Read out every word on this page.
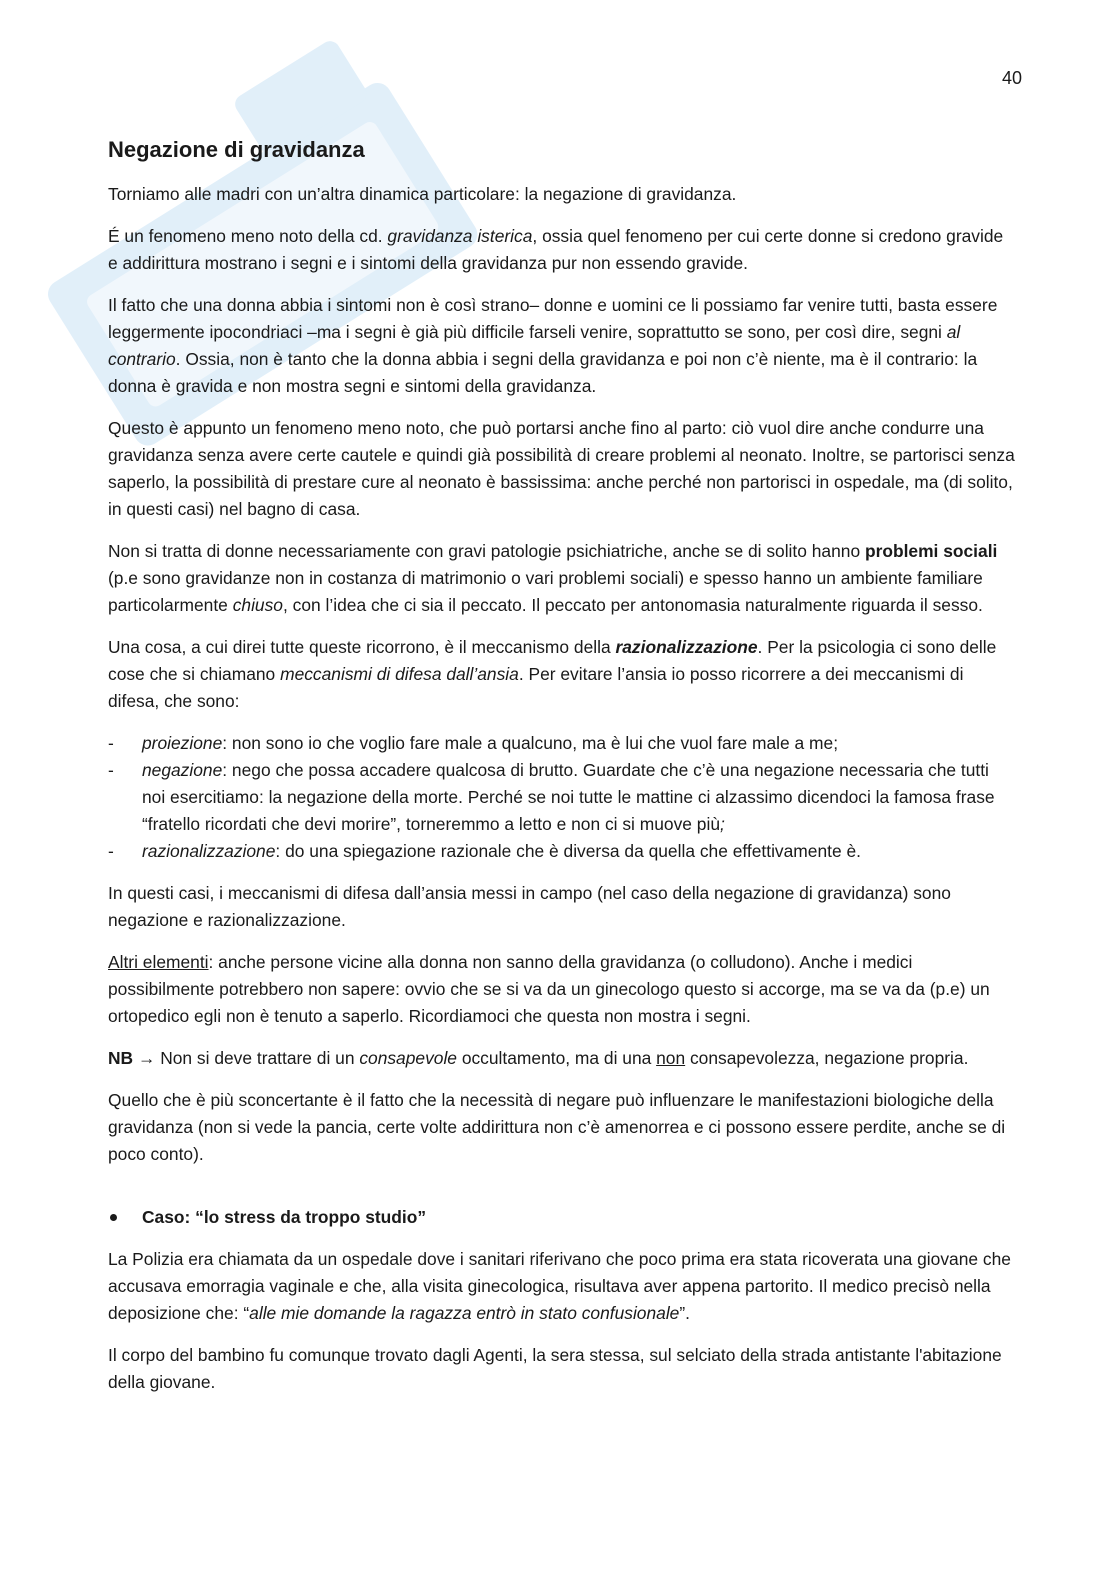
40
Negazione di gravidanza

Torniamo alle madri con un’altra dinamica particolare: la negazione di gravidanza.

É un fenomeno meno noto della cd. gravidanza isterica, ossia quel fenomeno per cui certe donne si credono gravide e addirittura mostrano i segni e i sintomi della gravidanza pur non essendo gravide.

Il fatto che una donna abbia i sintomi non è così strano– donne e uomini ce li possiamo far venire tutti, basta essere leggermente ipocondriaci –ma i segni è già più difficile farseli venire, soprattutto se sono, per così dire, segni al contrario. Ossia, non è tanto che la donna abbia i segni della gravidanza e poi non c’è niente, ma è il contrario: la donna è gravida e non mostra segni e sintomi della gravidanza.

Questo è appunto un fenomeno meno noto, che può portarsi anche fino al parto: ciò vuol dire anche condurre una gravidanza senza avere certe cautele e quindi già possibilità di creare problemi al neonato. Inoltre, se partorisci senza saperlo, la possibilità di prestare cure al neonato è bassissima: anche perché non partorisci in ospedale, ma (di solito, in questi casi) nel bagno di casa.

Non si tratta di donne necessariamente con gravi patologie psichiatriche, anche se di solito hanno problemi sociali (p.e sono gravidanze non in costanza di matrimonio o vari problemi sociali) e spesso hanno un ambiente familiare particolarmente chiuso, con l’idea che ci sia il peccato. Il peccato per antonomasia naturalmente riguarda il sesso.

Una cosa, a cui direi tutte queste ricorrono, è il meccanismo della razionalizzazione. Per la psicologia ci sono delle cose che si chiamano meccanismi di difesa dall’ansia. Per evitare l’ansia io posso ricorrere a dei meccanismi di difesa, che sono:

- proiezione: non sono io che voglio fare male a qualcuno, ma è lui che vuol fare male a me;
- negazione: nego che possa accadere qualcosa di brutto. Guardate che c’è una negazione necessaria che tutti noi esercitiamo: la negazione della morte. Perché se noi tutte le mattine ci alzassimo dicendoci la famosa frase “fratello ricordati che devi morire”, torneremmo a letto e non ci si muove più;
- razionalizzazione: do una spiegazione razionale che è diversa da quella che effettivamente è.

In questi casi, i meccanismi di difesa dall’ansia messi in campo (nel caso della negazione di gravidanza) sono negazione e razionalizzazione.

Altri elementi: anche persone vicine alla donna non sanno della gravidanza (o colludono). Anche i medici possibilmente potrebbero non sapere: ovvio che se si va da un ginecologo questo si accorge, ma se va da (p.e) un ortopedico egli non è tenuto a saperlo. Ricordiamoci che questa non mostra i segni.

NB → Non si deve trattare di un consapevole occultamento, ma di una non consapevolezza, negazione propria.

Quello che è più sconcertante è il fatto che la necessità di negare può influenzare le manifestazioni biologiche della gravidanza (non si vede la pancia, certe volte addirittura non c’è amenorrea e ci possono essere perdite, anche se di poco conto).

Caso: “lo stress da troppo studio”

La Polizia era chiamata da un ospedale dove i sanitari riferivano che poco prima era stata ricoverata una giovane che accusava emorragia vaginale e che, alla visita ginecologica, risultava aver appena partorito. Il medico precisò nella deposizione che: “alle mie domande la ragazza entrò in stato confusionale”.

Il corpo del bambino fu comunque trovato dagli Agenti, la sera stessa, sul selciato della strada antistante l'abitazione della giovane.
